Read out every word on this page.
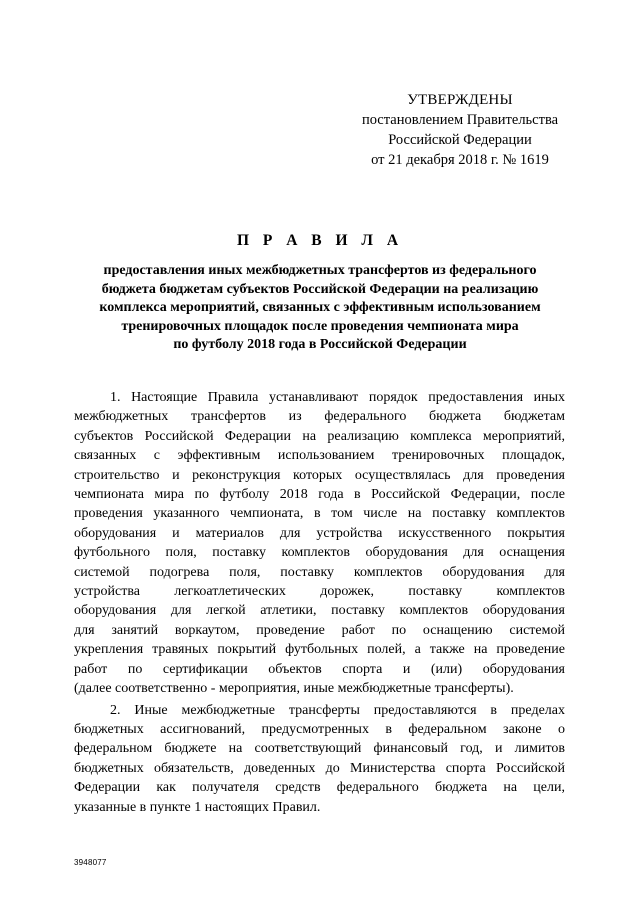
УТВЕРЖДЕНЫ
постановлением Правительства
Российской Федерации
от 21 декабря 2018 г. № 1619
П Р А В И Л А
предоставления иных межбюджетных трансфертов из федерального
бюджета бюджетам субъектов Российской Федерации на реализацию
комплекса мероприятий, связанных с эффективным использованием
тренировочных площадок после проведения чемпионата мира
по футболу 2018 года в Российской Федерации
1. Настоящие Правила устанавливают порядок предоставления иных
межбюджетных трансфертов из федерального бюджета бюджетам
субъектов Российской Федерации на реализацию комплекса мероприятий,
связанных с эффективным использованием тренировочных площадок,
строительство и реконструкция которых осуществлялась для проведения
чемпионата мира по футболу 2018 года в Российской Федерации, после
проведения указанного чемпионата, в том числе на поставку комплектов
оборудования и материалов для устройства искусственного покрытия
футбольного поля, поставку комплектов оборудования для оснащения
системой подогрева поля, поставку комплектов оборудования для
устройства легкоатлетических дорожек, поставку комплектов
оборудования для легкой атлетики, поставку комплектов оборудования
для занятий воркаутом, проведение работ по оснащению системой
укрепления травяных покрытий футбольных полей, а также на проведение
работ по сертификации объектов спорта и (или) оборудования
(далее соответственно - мероприятия, иные межбюджетные трансферты).
2. Иные межбюджетные трансферты предоставляются в пределах
бюджетных ассигнований, предусмотренных в федеральном законе о
федеральном бюджете на соответствующий финансовый год, и лимитов
бюджетных обязательств, доведенных до Министерства спорта Российской
Федерации как получателя средств федерального бюджета на цели,
указанные в пункте 1 настоящих Правил.
3948077
